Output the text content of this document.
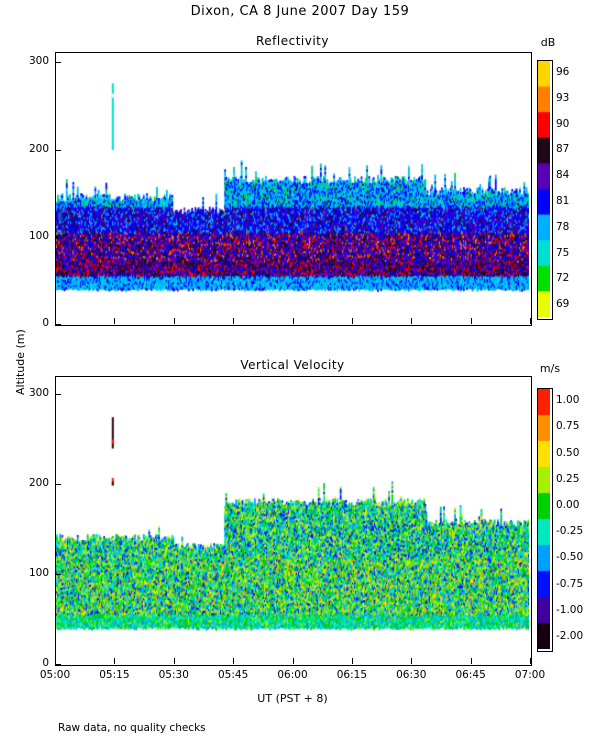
Dixon, CA 8 June 2007 Day 159
Altitude (m)
Reflectivity	dB
Vertical Velocity	m/s
UT (PST + 8)
Raw data, no quality checks
0
100
200
300
0
100
200
300
05:00	05:15	05:30	05:45	06:00	06:15	06:30	06:45	07:00
96
93
90
87
84
81
78
75
72
69
1.00
0.75
0.50
0.25
0.00
-0.25
-0.50
-0.75
-1.00
-2.00
